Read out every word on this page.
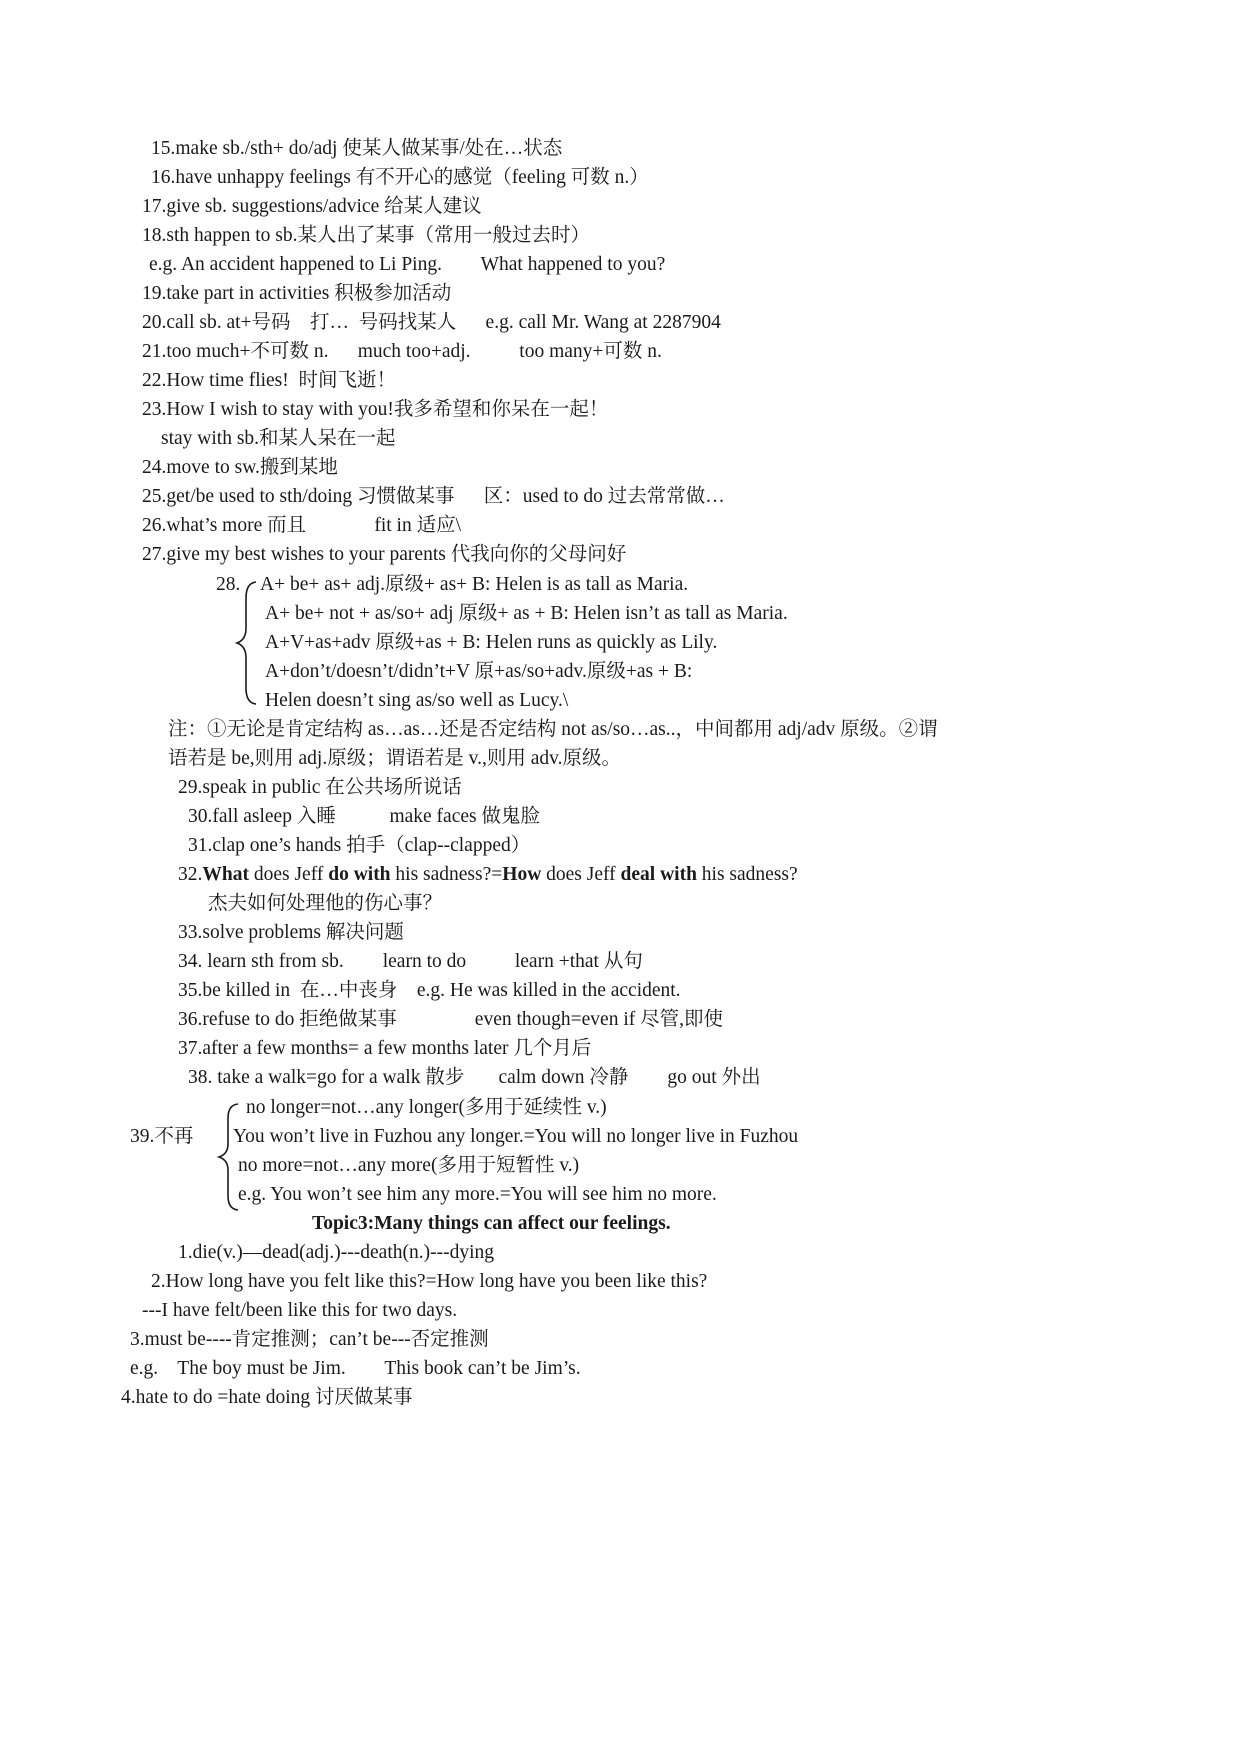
15.make sb./sth+ do/adj 使某人做某事/处在…状态
16.have unhappy feelings 有不开心的感觉（feeling 可数 n.）
17.give sb. suggestions/advice 给某人建议
18.sth happen to sb.某人出了某事（常用一般过去时）
e.g. An accident happened to Li Ping.        What happened to you?
19.take part in activities 积极参加活动
20.call sb. at+号码    打…  号码找某人      e.g. call Mr. Wang at 2287904
21.too much+不可数 n.      much too+adj.          too many+可数 n.
22.How time flies!  时间飞逝！
23.How I wish to stay with you!我多希望和你呆在一起！
stay with sb.和某人呆在一起
24.move to sw.搬到某地
25.get/be used to sth/doing 习惯做某事      区：used to do 过去常常做…
26.what’s more 而且              fit in 适应\
27.give my best wishes to your parents 代我向你的父母问好
28. A+ be+ as+ adj.原级+ as+ B: Helen is as tall as Maria.
A+ be+ not + as/so+ adj 原级+ as + B: Helen isn’t as tall as Maria.
A+V+as+adv 原级+as + B: Helen runs as quickly as Lily.
A+don’t/doesn’t/didn’t+V 原+as/so+adv.原级+as + B:
Helen doesn’t sing as/so well as Lucy.\
注：①无论是肯定结构 as…as…还是否定结构 not as/so…as..，中间都用 adj/adv 原级。②谓
语若是 be,则用 adj.原级；谓语若是 v.,则用 adv.原级。
29.speak in public 在公共场所说话
30.fall asleep 入睡           make faces 做鬼脸
31.clap one’s hands 拍手（clap--clapped）
32.What does Jeff do with his sadness?=How does Jeff deal with his sadness?
杰夫如何处理他的伤心事？
33.solve problems 解决问题
34. learn sth from sb.        learn to do          learn +that 从句
35.be killed in  在…中丧身    e.g. He was killed in the accident.
36.refuse to do 拒绝做某事                even though=even if 尽管,即使
37.after a few months= a few months later 几个月后
38. take a walk=go for a walk 散步       calm down 冷静        go out 外出
39.不再
no longer=not…any longer(多用于延续性 v.)
You won’t live in Fuzhou any longer.=You will no longer live in Fuzhou
no more=not…any more(多用于短暂性 v.)
e.g. You won’t see him any more.=You will see him no more.
Topic3:Many things can affect our feelings.
1.die(v.)—dead(adj.)---death(n.)---dying
2.How long have you felt like this?=How long have you been like this?
---I have felt/been like this for two days.
3.must be----肯定推测；can’t be---否定推测
e.g.    The boy must be Jim.        This book can’t be Jim’s.
4.hate to do =hate doing 讨厌做某事
